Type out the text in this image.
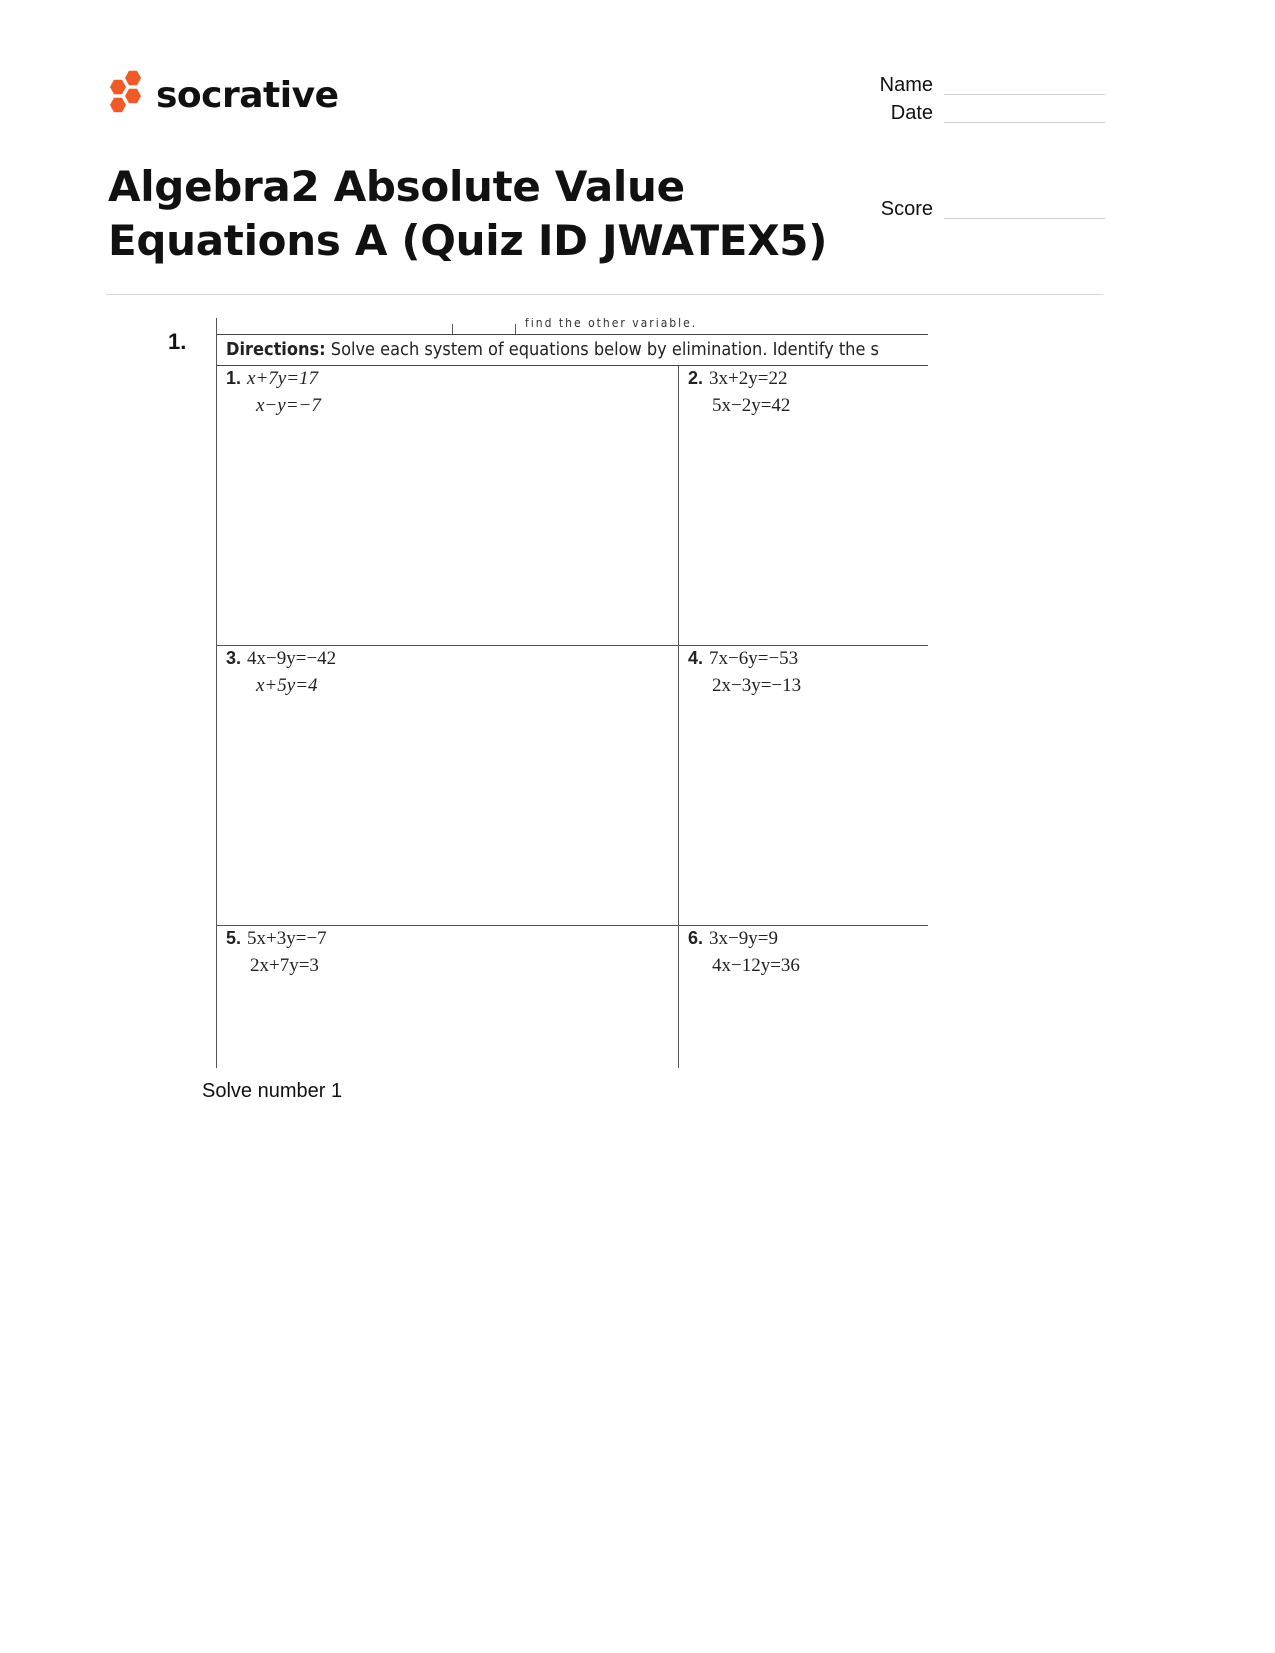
socrative	Name
Date
Score
Algebra2 Absolute Value
Equations A (Quiz ID JWATEX5)
1.
find the other variable.
Directions: Solve each system of equations below by elimination. Identify the s
1. x+7y=17
x−y=−7
2. 3x+2y=22
5x−2y=42
3. 4x−9y=−42
x+5y=4
4. 7x−6y=−53
2x−3y=−13
5. 5x+3y=−7
2x+7y=3
6. 3x−9y=9
4x−12y=36
Solve number 1
